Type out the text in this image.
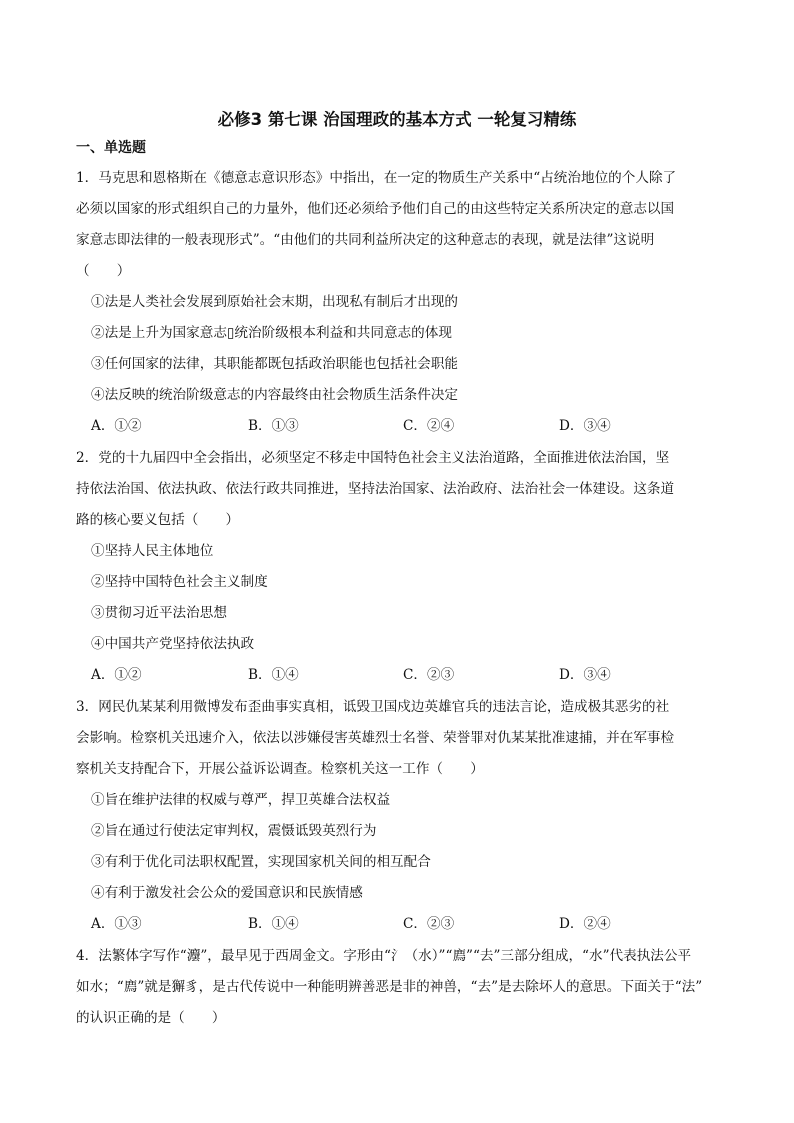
必修3 第七课 治国理政的基本方式 一轮复习精练
一、单选题
1．马克思和恩格斯在《德意志意识形态》中指出，在一定的物质生产关系中“占统治地位的个人除了
必须以国家的形式组织自己的力量外，他们还必须给予他们自己的由这些特定关系所决定的意志以国
家意志即法律的一般表现形式”。“由他们的共同利益所决定的这种意志的表现，就是法律”这说明
（　　）
①法是人类社会发展到原始社会末期，出现私有制后才出现的
②法是上升为国家意志▯统治阶级根本利益和共同意志的体现
③任何国家的法律，其职能都既包括政治职能也包括社会职能
④法反映的统治阶级意志的内容最终由社会物质生活条件决定
A．①②	B．①③	C．②④	D．③④
2．党的十九届四中全会指出，必须坚定不移走中国特色社会主义法治道路，全面推进依法治国，坚
持依法治国、依法执政、依法行政共同推进，坚持法治国家、法治政府、法治社会一体建设。这条道
路的核心要义包括（　　）
①坚持人民主体地位
②坚持中国特色社会主义制度
③贯彻习近平法治思想
④中国共产党坚持依法执政
A．①②	B．①④	C．②③	D．③④
3．网民仇某某利用微博发布歪曲事实真相，诋毁卫国戍边英雄官兵的违法言论，造成极其恶劣的社
会影响。检察机关迅速介入，依法以涉嫌侵害英雄烈士名誉、荣誉罪对仇某某批准逮捕，并在军事检
察机关支持配合下，开展公益诉讼调查。检察机关这一工作（　　）
①旨在维护法律的权威与尊严，捍卫英雄合法权益
②旨在通过行使法定审判权，震慑诋毁英烈行为
③有利于优化司法职权配置，实现国家机关间的相互配合
④有利于激发社会公众的爱国意识和民族情感
A．①③	B．①④	C．②③	D．②④
4．法繁体字写作“灋”，最早见于西周金文。字形由“氵（水）”“廌”“去”三部分组成，“水”代表执法公平
如水；“廌”就是獬豸，是古代传说中一种能明辨善恶是非的神兽，“去”是去除坏人的意思。下面关于“法”
的认识正确的是（　　）
